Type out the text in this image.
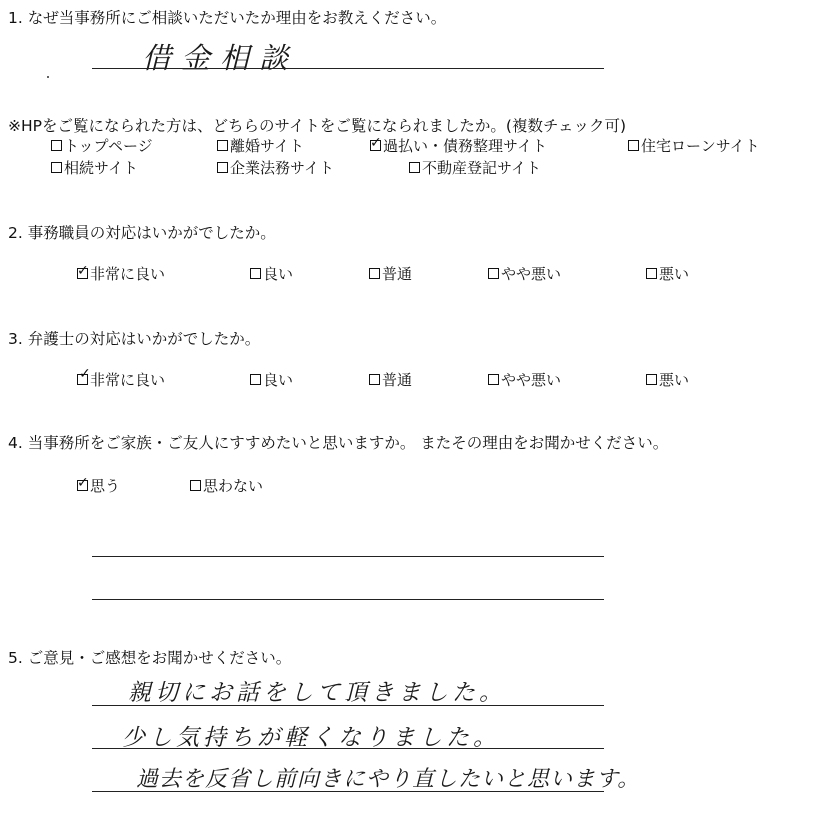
1. なぜ当事務所にご相談いただいたか理由をお教えください。
借金相談
※HPをご覧になられた方は、どちらのサイトをご覧になられましたか。(複数チェック可)
トップページ	離婚サイト	✓ 過払い・債務整理サイト	住宅ローンサイト
相続サイト	企業法務サイト	不動産登記サイト
2. 事務職員の対応はいかがでしたか。
✓ 非常に良い	良い	普通	やや悪い	悪い
3. 弁護士の対応はいかがでしたか。
✓ 非常に良い	良い	普通	やや悪い	悪い
4. 当事務所をご家族・ご友人にすすめたいと思いますか。 またその理由をお聞かせください。
✓ 思う	思わない
5. ご意見・ご感想をお聞かせください。
親切にお話をして頂きました。
少し気持ちが軽くなりました。
過去を反省し前向きにやり直したいと思います。
